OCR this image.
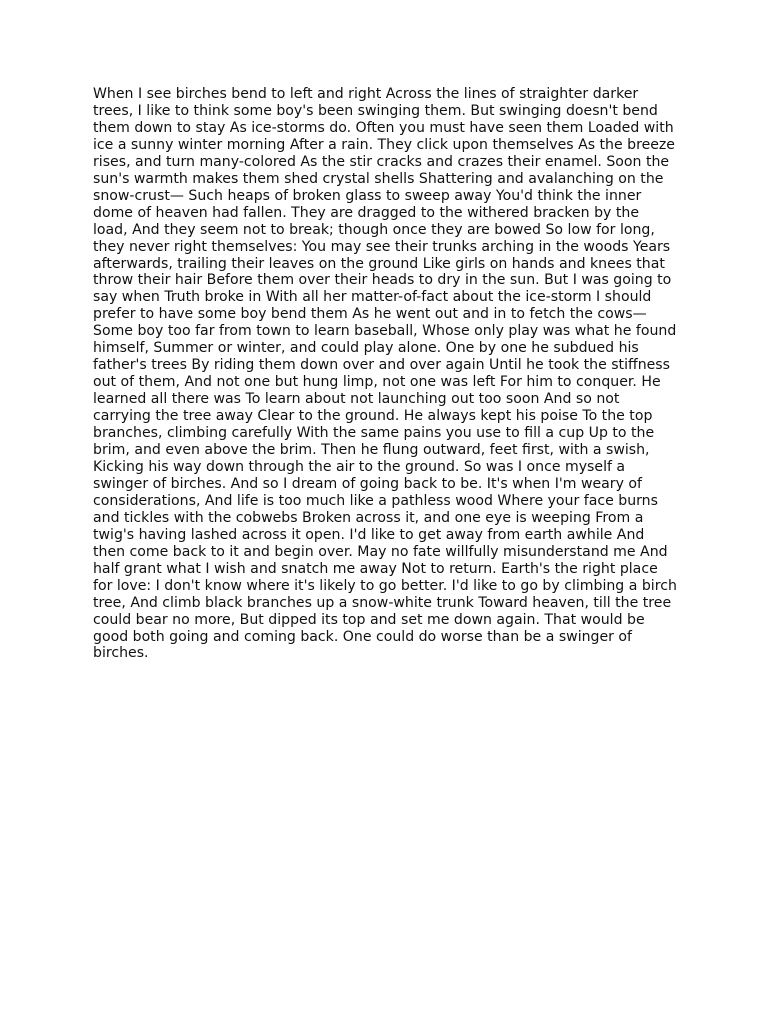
When I see birches bend to left and right Across the lines of straighter darker trees, I like to think some boy's been swinging them. But swinging doesn't bend them down to stay As ice-storms do. Often you must have seen them Loaded with ice a sunny winter morning After a rain. They click upon themselves As the breeze rises, and turn many-colored As the stir cracks and crazes their enamel. Soon the sun's warmth makes them shed crystal shells Shattering and avalanching on the snow-crust— Such heaps of broken glass to sweep away You'd think the inner dome of heaven had fallen. They are dragged to the withered bracken by the load, And they seem not to break; though once they are bowed So low for long, they never right themselves: You may see their trunks arching in the woods Years afterwards, trailing their leaves on the ground Like girls on hands and knees that throw their hair Before them over their heads to dry in the sun. But I was going to say when Truth broke in With all her matter-of-fact about the ice-storm I should prefer to have some boy bend them As he went out and in to fetch the cows— Some boy too far from town to learn baseball, Whose only play was what he found himself, Summer or winter, and could play alone. One by one he subdued his father's trees By riding them down over and over again Until he took the stiffness out of them, And not one but hung limp, not one was left For him to conquer. He learned all there was To learn about not launching out too soon And so not carrying the tree away Clear to the ground. He always kept his poise To the top branches, climbing carefully With the same pains you use to fill a cup Up to the brim, and even above the brim. Then he flung outward, feet first, with a swish, Kicking his way down through the air to the ground. So was I once myself a swinger of birches. And so I dream of going back to be. It's when I'm weary of considerations, And life is too much like a pathless wood Where your face burns and tickles with the cobwebs Broken across it, and one eye is weeping From a twig's having lashed across it open. I'd like to get away from earth awhile And then come back to it and begin over. May no fate willfully misunderstand me And half grant what I wish and snatch me away Not to return. Earth's the right place for love: I don't know where it's likely to go better. I'd like to go by climbing a birch tree, And climb black branches up a snow-white trunk Toward heaven, till the tree could bear no more, But dipped its top and set me down again. That would be good both going and coming back. One could do worse than be a swinger of birches.
